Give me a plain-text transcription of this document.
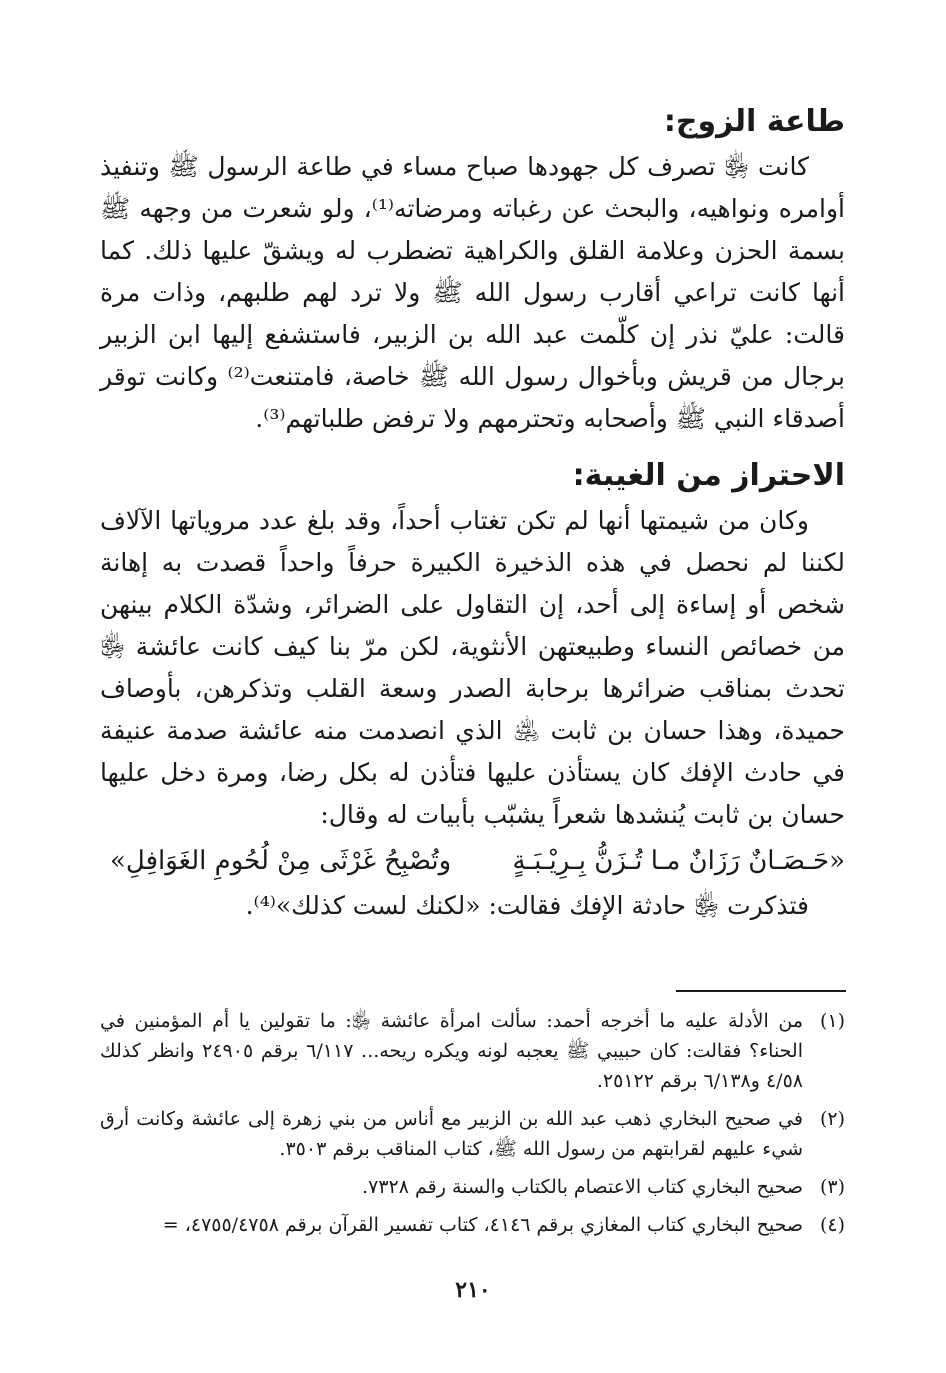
طاعة الزوج:

كانت ﵂ تصرف كل جهودها صباح مساء في طاعة الرسول ﷺ وتنفيذ أوامره ونواهيه، والبحث عن رغباته ومرضاته⁽¹⁾، ولو شعرت من وجهه ﷺ بسمة الحزن وعلامة القلق والكراهية تضطرب له ويشقّ عليها ذلك. كما أنها كانت تراعي أقارب رسول الله ﷺ ولا ترد لهم طلبهم، وذات مرة قالت: عليّ نذر إن كلّمت عبد الله بن الزبير، فاستشفع إليها ابن الزبير برجال من قريش وبأخوال رسول الله ﷺ خاصة، فامتنعت⁽²⁾ وكانت توقر أصدقاء النبي ﷺ وأصحابه وتحترمهم ولا ترفض طلباتهم⁽³⁾.

الاحتراز من الغيبة:

وكان من شيمتها أنها لم تكن تغتاب أحداً، وقد بلغ عدد مروياتها الآلاف لكننا لم نحصل في هذه الذخيرة الكبيرة حرفاً واحداً قصدت به إهانة شخص أو إساءة إلى أحد، إن التقاول على الضرائر، وشدّة الكلام بينهن من خصائص النساء وطبيعتهن الأنثوية، لكن مرّ بنا كيف كانت عائشة ﵂ تحدث بمناقب ضرائرها برحابة الصدر وسعة القلب وتذكرهن، بأوصاف حميدة، وهذا حسان بن ثابت ﵁ الذي انصدمت منه عائشة صدمة عنيفة في حادث الإفك كان يستأذن عليها فتأذن له بكل رضا، ومرة دخل عليها حسان بن ثابت يُنشدها شعراً يشبّب بأبيات له وقال:

«حَـصَـانٌ رَزَانٌ مـا تُـزَنُّ بِـرِيْـبَـةٍ
وتُصْبِحُ غَرْثَى مِنْ لُحُومِ الغَوَافِلِ»

فتذكرت ﵂ حادثة الإفك فقالت: «لكنك لست كذلك»⁽⁴⁾.

(١)
من الأدلة عليه ما أخرجه أحمد: سألت امرأة عائشة ﵂: ما تقولين يا أم المؤمنين في الحناء؟ فقالت: كان حبيبي ﷺ يعجبه لونه ويكره ريحه... ٦/١١٧ برقم ٢٤٩٠٥ وانظر كذلك ٤/٥٨ و٦/١٣٨ برقم ٢٥١٢٢.
(٢)
في صحيح البخاري ذهب عبد الله بن الزبير مع أناس من بني زهرة إلى عائشة وكانت أرق شيء عليهم لقرابتهم من رسول الله ﷺ، كتاب المناقب برقم ٣٥٠٣.
(٣)
صحيح البخاري كتاب الاعتصام بالكتاب والسنة رقم ٧٣٢٨.
(٤)
صحيح البخاري كتاب المغازي برقم ٤١٤٦، كتاب تفسير القرآن برقم ٤٧٥٥/٤٧٥٨، =
٢١٠
